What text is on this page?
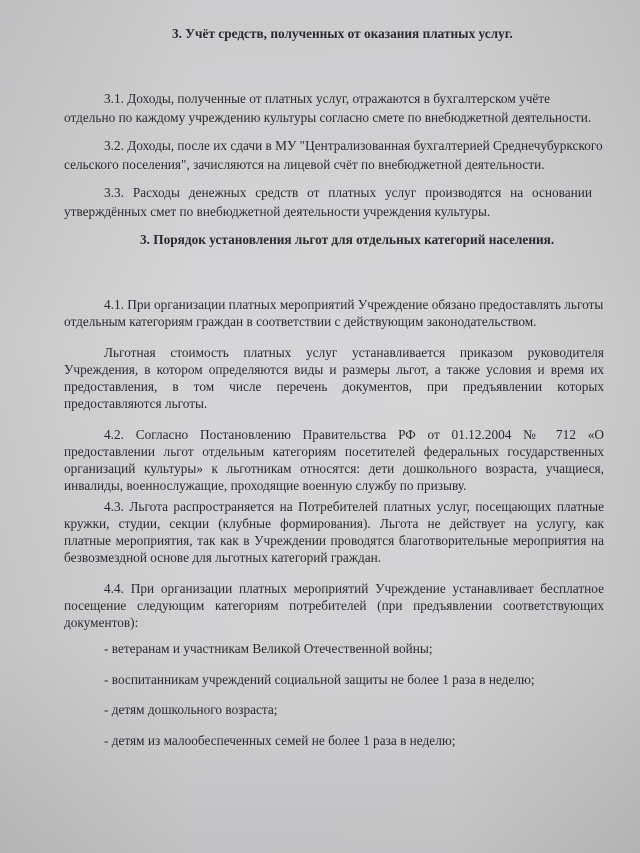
3. Учёт средств, полученных от оказания платных услуг.
3.1. Доходы, полученные от платных услуг, отражаются в бухгалтерском учёте
отдельно по каждому учреждению культуры согласно смете по внебюджетной деятельности.
3.2. Доходы, после их сдачи в МУ "Централизованная бухгалтерией Среднечубуркского
сельского поселения", зачисляются на лицевой счёт по внебюджетной деятельности.
3.3. Расходы денежных средств от платных услуг производятся на основании
утверждённых смет по внебюджетной деятельности учреждения культуры.
3. Порядок установления льгот для отдельных категорий населения.
4.1. При организации платных мероприятий Учреждение обязано предоставлять льготы
отдельным категориям граждан в соответствии с действующим законодательством.
Льготная стоимость платных услуг устанавливается приказом руководителя
Учреждения, в котором определяются виды и размеры льгот, а также условия и время их
предоставления, в том числе перечень документов, при предъявлении которых
предоставляются льготы.
4.2. Согласно Постановлению Правительства РФ от 01.12.2004 № 712 «О
предоставлении льгот отдельным категориям посетителей федеральных государственных
организаций культуры» к льготникам относятся: дети дошкольного возраста, учащиеся,
инвалиды, военнослужащие, проходящие военную службу по призыву.
4.3. Льгота распространяется на Потребителей платных услуг, посещающих платные
кружки, студии, секции (клубные формирования). Льгота не действует на услугу, как
платные мероприятия, так как в Учреждении проводятся благотворительные мероприятия на
безвозмездной основе для льготных категорий граждан.
4.4. При организации платных мероприятий Учреждение устанавливает бесплатное
посещение следующим категориям потребителей (при предъявлении соответствующих
документов):
- ветеранам и участникам Великой Отечественной войны;
- воспитанникам учреждений социальной защиты не более 1 раза в неделю;
- детям дошкольного возраста;
- детям из малообеспеченных семей не более 1 раза в неделю;
